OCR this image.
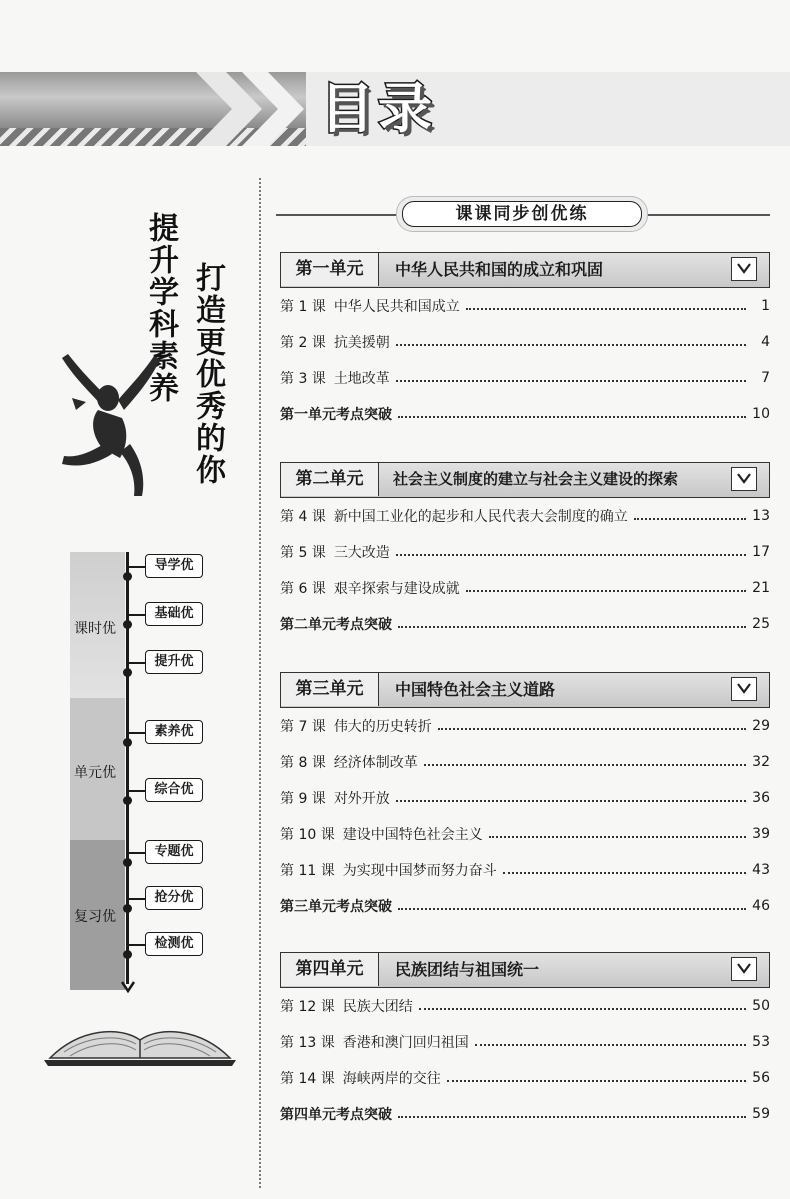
目录
提升学科素养 打造更优秀的你
课时优
单元优
复习优
导学优
基础优
提升优
素养优
综合优
专题优
抢分优
检测优
课课同步创优练
第一单元	中华人民共和国的成立和巩固
第 1 课 中华人民共和国成立	1
第 2 课 抗美援朝	4
第 3 课 土地改革	7
第一单元考点突破	10
第二单元	社会主义制度的建立与社会主义建设的探索
第 4 课 新中国工业化的起步和人民代表大会制度的确立	13
第 5 课 三大改造	17
第 6 课 艰辛探索与建设成就	21
第二单元考点突破	25
第三单元	中国特色社会主义道路
第 7 课 伟大的历史转折	29
第 8 课 经济体制改革	32
第 9 课 对外开放	36
第 10 课 建设中国特色社会主义	39
第 11 课 为实现中国梦而努力奋斗	43
第三单元考点突破	46
第四单元	民族团结与祖国统一
第 12 课 民族大团结	50
第 13 课 香港和澳门回归祖国	53
第 14 课 海峡两岸的交往	56
第四单元考点突破	59
